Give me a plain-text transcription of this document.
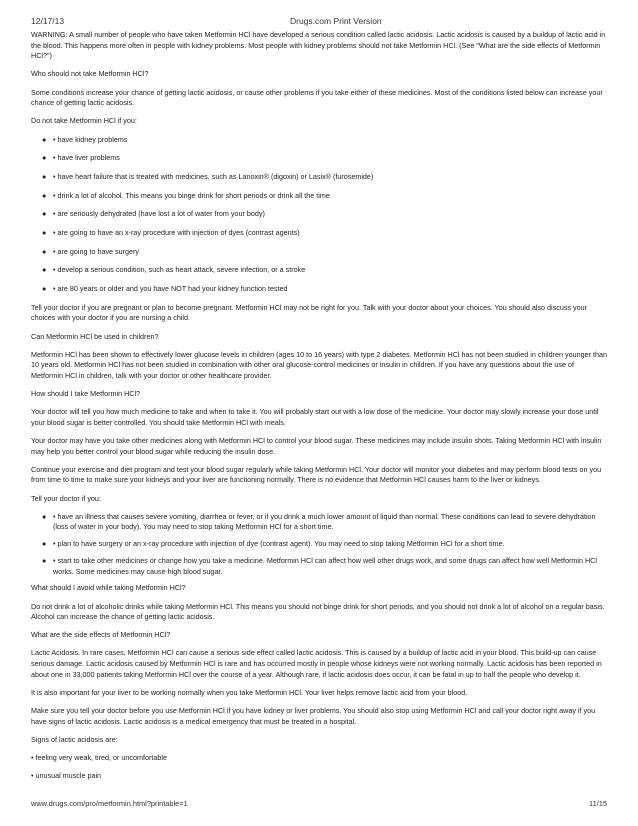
12/17/13	Drugs.com Print Version

WARNING: A small number of people who have taken Metformin HCl have developed a serious condition called lactic acidosis. Lactic acidosis is caused by a buildup of lactic acid in the blood. This happens more often in people with kidney problems. Most people with kidney problems should not take Metformin HCl. (See "What are the side effects of Metformin HCl?")

Who should not take Metformin HCl?

Some conditions increase your chance of getting lactic acidosis, or cause other problems if you take either of these medicines. Most of the conditions listed below can increase your chance of getting lactic acidosis.

Do not take Metformin HCl if you:

● • have kidney problems
● • have liver problems
● • have heart failure that is treated with medicines, such as Lanoxin® (digoxin) or Lasix® (furosemide)
● • drink a lot of alcohol. This means you binge drink for short periods or drink all the time
● • are seriously dehydrated (have lost a lot of water from your body)
● • are going to have an x-ray procedure with injection of dyes (contrast agents)
● • are going to have surgery
● • develop a serious condition, such as heart attack, severe infection, or a stroke
● • are 80 years or older and you have NOT had your kidney function tested

Tell your doctor if you are pregnant or plan to become pregnant. Metformin HCl may not be right for you. Talk with your doctor about your choices. You should also discuss your choices with your doctor if you are nursing a child.

Can Metformin HCl be used in children?

Metformin HCl has been shown to effectively lower glucose levels in children (ages 10 to 16 years) with type 2 diabetes. Metformin HCl has not been studied in children younger than 10 years old. Metformin HCl has not been studied in combination with other oral glucose-control medicines or insulin in children. If you have any questions about the use of Metformin HCl in children, talk with your doctor or other healthcare provider.

How should I take Metformin HCl?

Your doctor will tell you how much medicine to take and when to take it. You will probably start out with a low dose of the medicine. Your doctor may slowly increase your dose until your blood sugar is better controlled. You should take Metformin HCl with meals.

Your doctor may have you take other medicines along with Metformin HCl to control your blood sugar. These medicines may include insulin shots. Taking Metformin HCl with insulin may help you better control your blood sugar while reducing the insulin dose.

Continue your exercise and diet program and test your blood sugar regularly while taking Metformin HCl. Your doctor will monitor your diabetes and may perform blood tests on you from time to time to make sure your kidneys and your liver are functioning normally. There is no evidence that Metformin HCl causes harm to the liver or kidneys.

Tell your doctor if you:

● • have an illness that causes severe vomiting, diarrhea or fever, or if you drink a much lower amount of liquid than normal. These conditions can lead to severe dehydration (loss of water in your body). You may need to stop taking Metformin HCl for a short time.
● • plan to have surgery or an x-ray procedure with injection of dye (contrast agent). You may need to stop taking Metformin HCl for a short time.
● • start to take other medicines or change how you take a medicine. Metformin HCl can affect how well other drugs work, and some drugs can affect how well Metformin HCl works. Some medicines may cause high blood sugar.

What should I avoid while taking Metformin HCl?

Do not drink a lot of alcoholic drinks while taking Metformin HCl. This means you should not binge drink for short periods, and you should not drink a lot of alcohol on a regular basis. Alcohol can increase the chance of getting lactic acidosis.

What are the side effects of Metformin HCl?

Lactic Acidosis. In rare cases, Metformin HCl can cause a serious side effect called lactic acidosis. This is caused by a buildup of lactic acid in your blood. This build-up can cause serious damage. Lactic acidosis caused by Metformin HCl is rare and has occurred mostly in people whose kidneys were not working normally. Lactic acidosis has been reported in about one in 33,000 patients taking Metformin HCl over the course of a year. Although rare, if lactic acidosis does occur, it can be fatal in up to half the people who develop it.

It is also important for your liver to be working normally when you take Metformin HCl. Your liver helps remove lactic acid from your blood.

Make sure you tell your doctor before you use Metformin HCl if you have kidney or liver problems. You should also stop using Metformin HCl and call your doctor right away if you have signs of lactic acidosis. Lactic acidosis is a medical emergency that must be treated in a hospital.

Signs of lactic acidosis are:

• feeling very weak, tired, or uncomfortable

• unusual muscle pain

www.drugs.com/pro/metformin.html?printable=1	11/15
